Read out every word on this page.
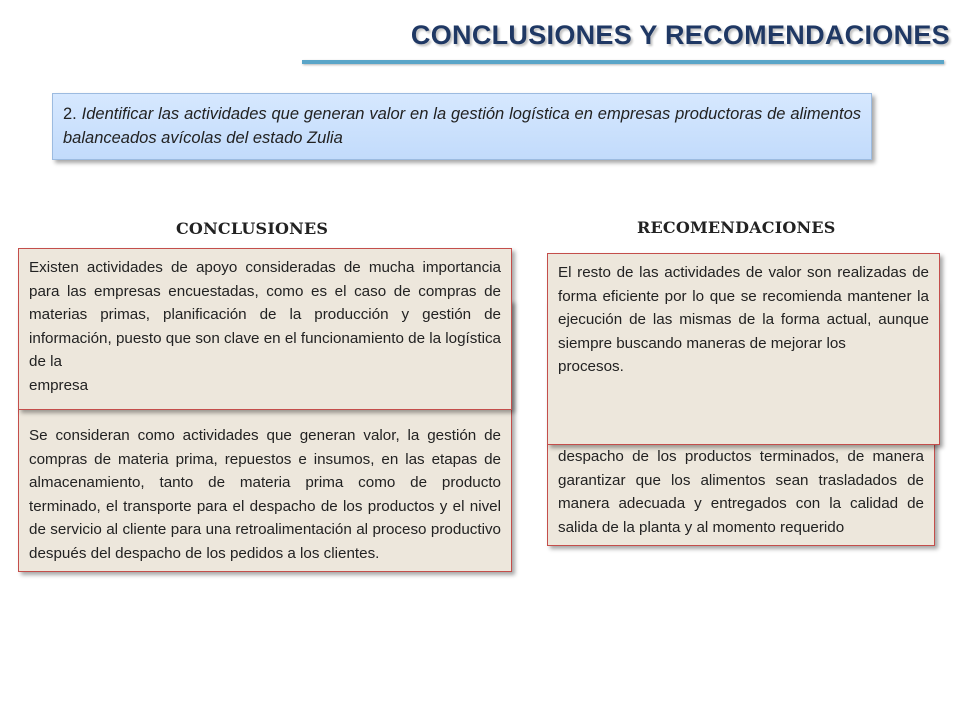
CONCLUSIONES Y RECOMENDACIONES
2. Identificar las actividades que generan valor en la gestión logística en empresas productoras de alimentos balanceados avícolas del estado Zulia
CONCLUSIONES	RECOMENDACIONES
Se consideran como actividades que generan valor, la gestión de compras de materia prima, repuestos e insumos, en las etapas de almacenamiento, tanto de materia prima como de producto terminado, el transporte para el despacho de los productos y el nivel de servicio al cliente para una retroalimentación al proceso productivo después del despacho de los pedidos a los clientes.
Existen actividades de apoyo consideradas de mucha importancia para las empresas encuestadas, como es el caso de compras de materias primas, planificación de la producción y gestión de información, puesto que son clave en el funcionamiento de la logística de la
empresa
despacho de los productos terminados, de manera garantizar que los alimentos sean trasladados de manera adecuada y entregados con la calidad de salida de la planta y al momento requerido
El resto de las actividades de valor son realizadas de forma eficiente por lo que se recomienda mantener la ejecución de las mismas de la forma actual, aunque siempre buscando maneras de mejorar los
procesos.
